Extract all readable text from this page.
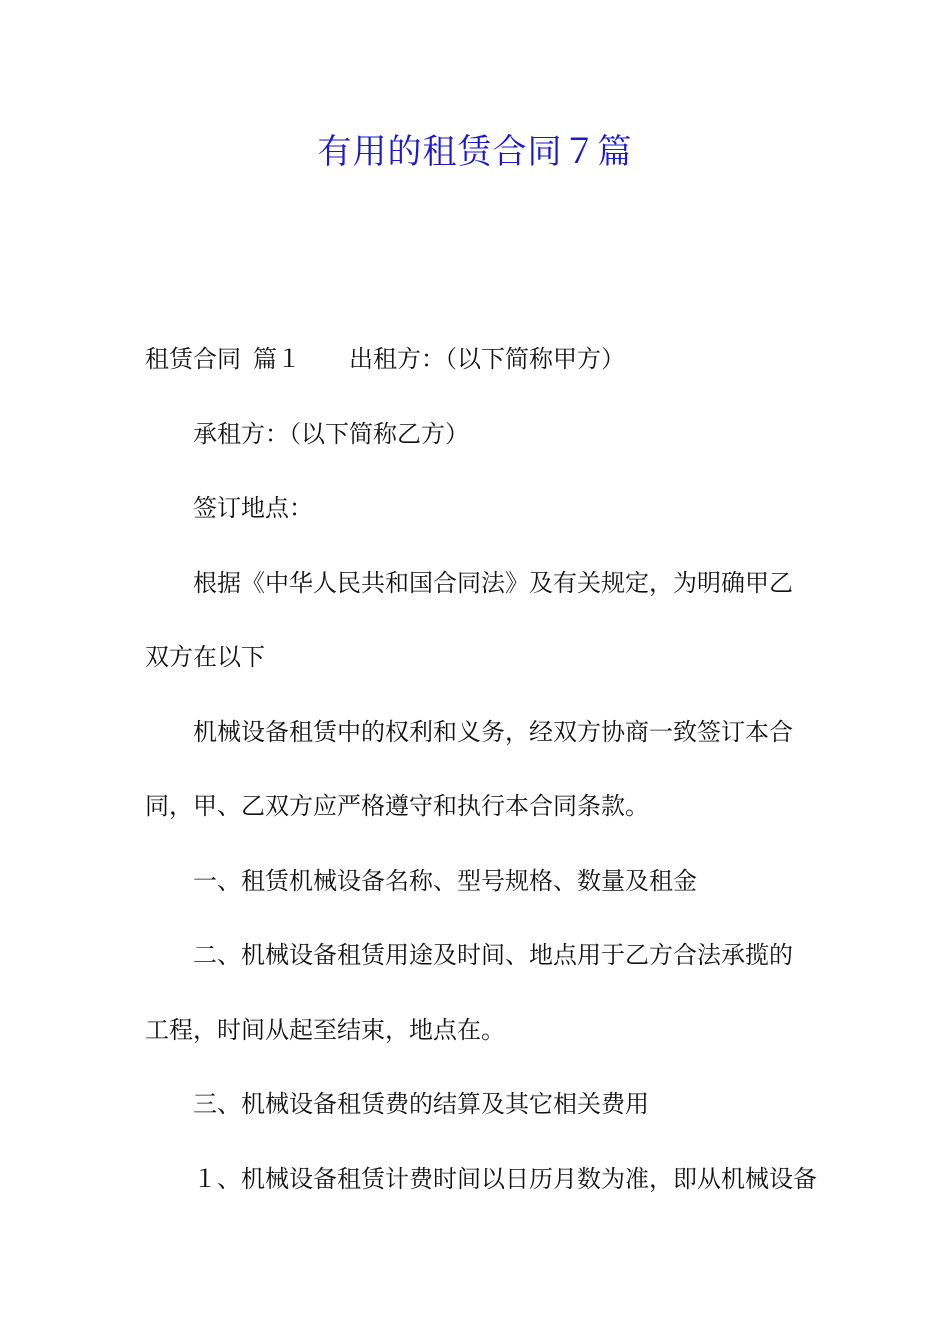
有用的租赁合同７篇

租赁合同 篇１ 出租方：（以下简称甲方）

承租方：（以下简称乙方）

签订地点：

根据《中华人民共和国合同法》及有关规定，为明确甲乙

双方在以下

机械设备租赁中的权利和义务，经双方协商一致签订本合

同，甲、乙双方应严格遵守和执行本合同条款。

一、租赁机械设备名称、型号规格、数量及租金

二、机械设备租赁用途及时间、地点用于乙方合法承揽的

工程，时间从起至结束，地点在。

三、机械设备租赁费的结算及其它相关费用

１、机械设备租赁计费时间以日历月数为准，即从机械设备
